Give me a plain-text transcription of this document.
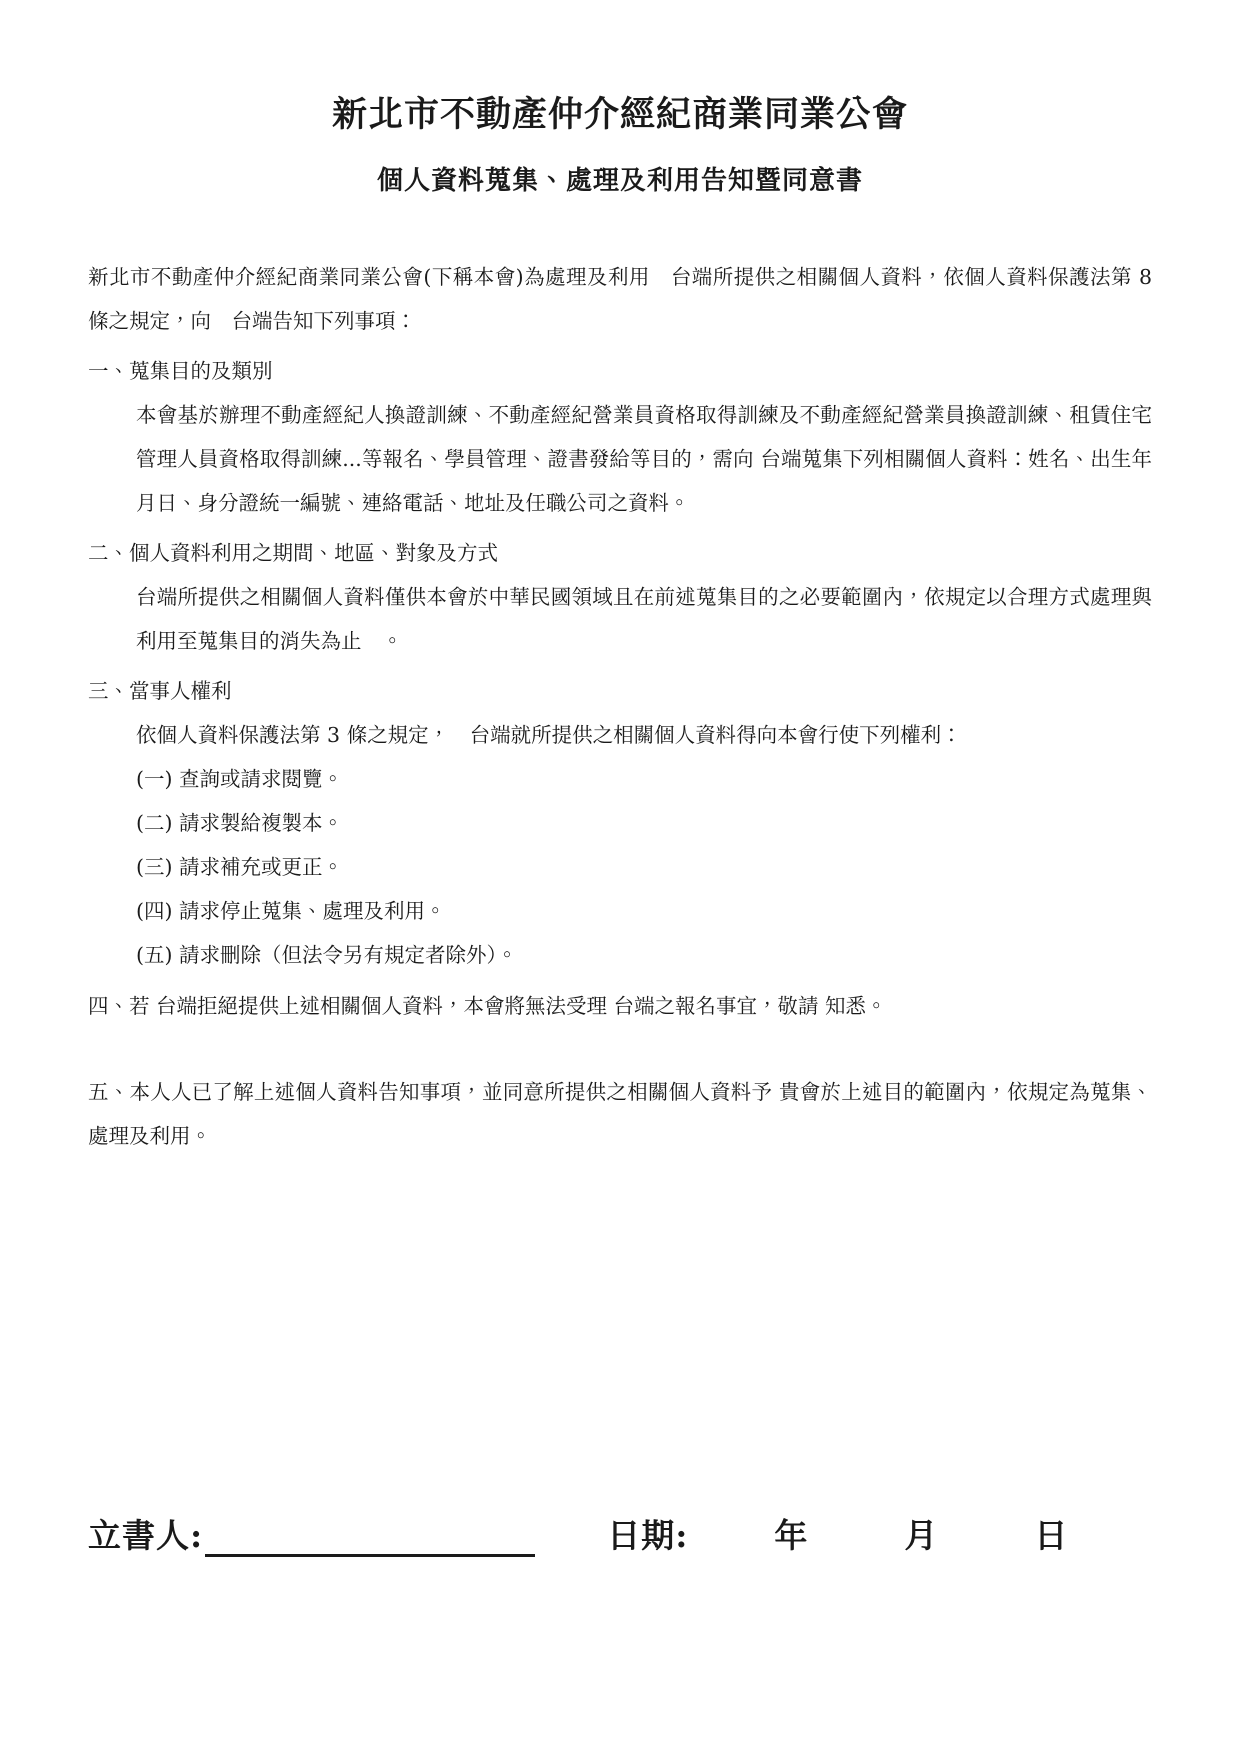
新北市不動產仲介經紀商業同業公會
個人資料蒐集、處理及利用告知暨同意書

新北市不動產仲介經紀商業同業公會(下稱本會)為處理及利用　台端所提供之相關個人資料，依個人資料保護法第 8 條之規定，向　台端告知下列事項：

一、蒐集目的及類別

本會基於辦理不動產經紀人換證訓練、不動產經紀營業員資格取得訓練及不動產經紀營業員換證訓練、租賃住宅管理人員資格取得訓練...等報名、學員管理、證書發給等目的，需向 台端蒐集下列相關個人資料：姓名、出生年月日、身分證統一編號、連絡電話、地址及任職公司之資料。

二、個人資料利用之期間、地區、對象及方式

台端所提供之相關個人資料僅供本會於中華民國領域且在前述蒐集目的之必要範圍內，依規定以合理方式處理與利用至蒐集目的消失為止　。

三、當事人權利

依個人資料保護法第 3 條之規定，　台端就所提供之相關個人資料得向本會行使下列權利：

(一) 查詢或請求閱覽。

(二) 請求製給複製本。

(三) 請求補充或更正。

(四) 請求停止蒐集、處理及利用。

(五) 請求刪除（但法令另有規定者除外）。

四、若 台端拒絕提供上述相關個人資料，本會將無法受理 台端之報名事宜，敬請 知悉。

五、本人人已了解上述個人資料告知事項，並同意所提供之相關個人資料予 貴會於上述目的範圍內，依規定為蒐集、處理及利用。

立書人:	日期:	年	月	日
